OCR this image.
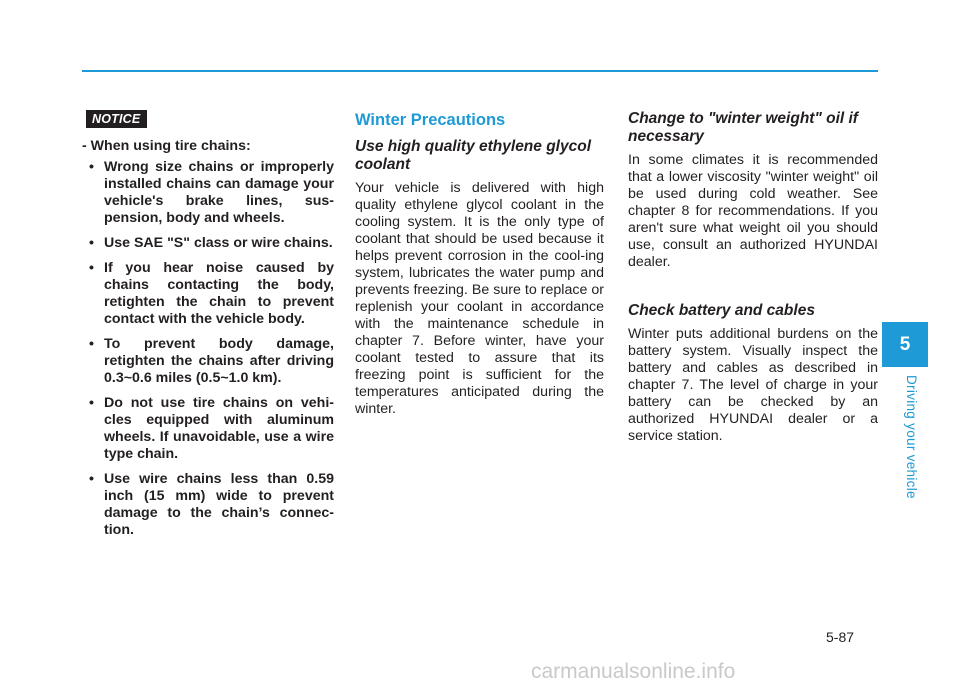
NOTICE
- When using tire chains:
• Wrong size chains or improperly installed chains can damage your vehicle's brake lines, sus-pension, body and wheels.
• Use SAE "S" class or wire chains.
• If you hear noise caused by chains contacting the body, retighten the chain to prevent contact with the vehicle body.
• To prevent body damage, retighten the chains after driving 0.3~0.6 miles (0.5~1.0 km).
• Do not use tire chains on vehi-cles equipped with aluminum wheels. If unavoidable, use a wire type chain.
• Use wire chains less than 0.59 inch (15 mm) wide to prevent damage to the chain’s connec-tion.
Winter Precautions
Use high quality ethylene glycol coolant

Your vehicle is delivered with high quality ethylene glycol coolant in the cooling system. It is the only type of coolant that should be used because it helps prevent corrosion in the cool-ing system, lubricates the water pump and prevents freezing. Be sure to replace or replenish your coolant in accordance with the maintenance schedule in chapter 7. Before winter, have your coolant tested to assure that its freezing point is sufficient for the temperatures anticipated during the winter.

Change to "winter weight" oil if necessary

In some climates it is recommended that a lower viscosity "winter weight" oil be used during cold weather. See chapter 8 for recommendations. If you aren't sure what weight oil you should use, consult an authorized HYUNDAI dealer.

Check battery and cables

Winter puts additional burdens on the battery system. Visually inspect the battery and cables as described in chapter 7. The level of charge in your battery can be checked by an authorized HYUNDAI dealer or a service station.

5
Driving your vehicle
5-87
carmanualsonline.info
